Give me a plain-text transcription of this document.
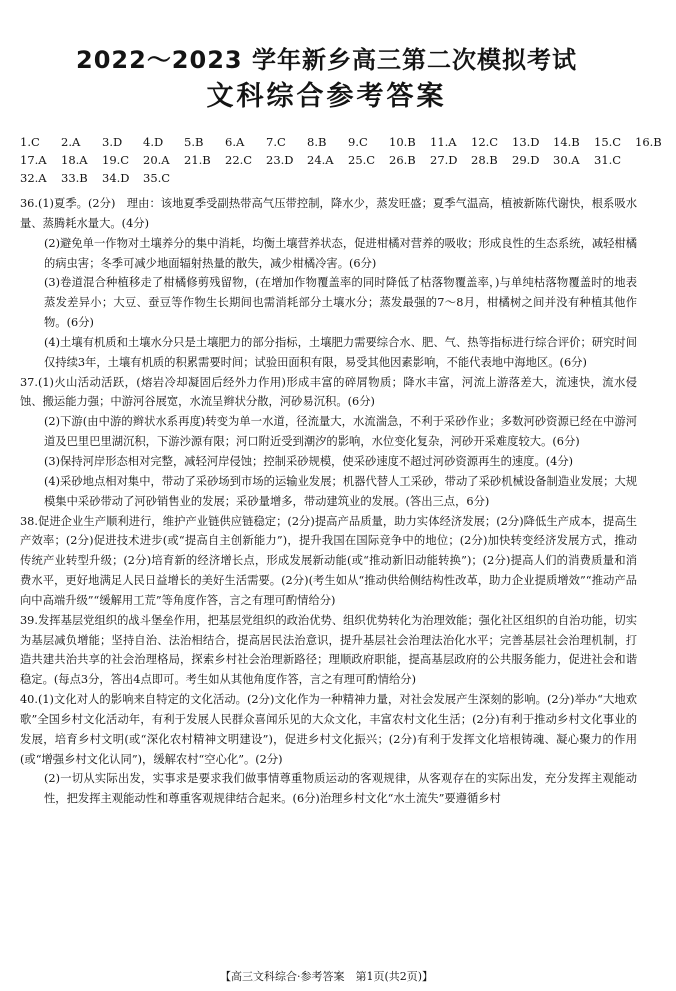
2022～2023 学年新乡高三第二次模拟考试
文科综合参考答案
1.C 2.A 3.D 4.D 5.B 6.A 7.C 8.B 9.C 10.B 11.A 12.C 13.D 14.B 15.C 16.B
17.A 18.A 19.C 20.A 21.B 22.C 23.D 24.A 25.C 26.B 27.D 28.B 29.D 30.A 31.C
32.A 33.B 34.D 35.C

36.(1)夏季。(2分)　理由：该地夏季受副热带高气压带控制，降水少，蒸发旺盛；夏季气温高，植被新陈代谢快，根系吸水量、蒸腾耗水量大。(4分)

(2)避免单一作物对土壤养分的集中消耗，均衡土壤营养状态，促进柑橘对营养的吸收；形成良性的生态系统，减轻柑橘的病虫害；冬季可减少地面辐射热量的散失，减少柑橘冷害。(6分)

(3)卷道混合种植移走了柑橘修剪残留物，(在增加作物覆盖率的同时降低了枯落物覆盖率，)与单纯枯落物覆盖时的地表蒸发差异小；大豆、蚕豆等作物生长期间也需消耗部分土壤水分；蒸发最强的7～8月，柑橘树之间并没有种植其他作物。(6分)

(4)土壤有机质和土壤水分只是土壤肥力的部分指标，土壤肥力需要综合水、肥、气、热等指标进行综合评价；研究时间仅持续3年，土壤有机质的积累需要时间；试验田面积有限，易受其他因素影响，不能代表地中海地区。(6分)

37.(1)火山活动活跃，(熔岩冷却凝固后经外力作用)形成丰富的碎屑物质；降水丰富，河流上游落差大，流速快，流水侵蚀、搬运能力强；中游河谷展宽，水流呈辫状分散，河砂易沉积。(6分)

(2)下游(由中游的辫状水系再度)转变为单一水道，径流量大，水流湍急，不利于采砂作业；多数河砂资源已经在中游河道及巴里巴里湖沉积，下游沙源有限；河口附近受到潮汐的影响，水位变化复杂，河砂开采难度较大。(6分)

(3)保持河岸形态相对完整，减轻河岸侵蚀；控制采砂规模，使采砂速度不超过河砂资源再生的速度。(4分)

(4)采砂地点相对集中，带动了采砂场到市场的运输业发展；机器代替人工采砂，带动了采砂机械设备制造业发展；大规模集中采砂带动了河砂销售业的发展；采砂量增多，带动建筑业的发展。(答出三点，6分)

38.促进企业生产顺利进行，维护产业链供应链稳定；(2分)提高产品质量，助力实体经济发展；(2分)降低生产成本，提高生产效率；(2分)促进技术进步(或“提高自主创新能力”)，提升我国在国际竞争中的地位；(2分)加快转变经济发展方式，推动传统产业转型升级；(2分)培育新的经济增长点，形成发展新动能(或“推动新旧动能转换”)；(2分)提高人们的消费质量和消费水平，更好地满足人民日益增长的美好生活需要。(2分)(考生如从“推动供给侧结构性改革，助力企业提质增效”“推动产品向中高端升级”“缓解用工荒”等角度作答，言之有理可酌情给分)

39.发挥基层党组织的战斗堡垒作用，把基层党组织的政治优势、组织优势转化为治理效能；强化社区组织的自治功能，切实为基层减负增能；坚持自治、法治相结合，提高居民法治意识，提升基层社会治理法治化水平；完善基层社会治理机制，打造共建共治共享的社会治理格局，探索乡村社会治理新路径；理顺政府职能，提高基层政府的公共服务能力，促进社会和谐稳定。(每点3分，答出4点即可。考生如从其他角度作答，言之有理可酌情给分)

40.(1)文化对人的影响来自特定的文化活动。(2分)文化作为一种精神力量，对社会发展产生深刻的影响。(2分)举办“大地欢歌”全国乡村文化活动年，有利于发展人民群众喜闻乐见的大众文化，丰富农村文化生活；(2分)有利于推动乡村文化事业的发展，培育乡村文明(或“深化农村精神文明建设”)，促进乡村文化振兴；(2分)有利于发挥文化培根铸魂、凝心聚力的作用(或“增强乡村文化认同”)，缓解农村“空心化”。(2分)

(2)一切从实际出发，实事求是要求我们做事情尊重物质运动的客观规律，从客观存在的实际出发，充分发挥主观能动性，把发挥主观能动性和尊重客观规律结合起来。(6分)治理乡村文化“水土流失”要遵循乡村

【高三文科综合·参考答案　第1页(共2页)】
